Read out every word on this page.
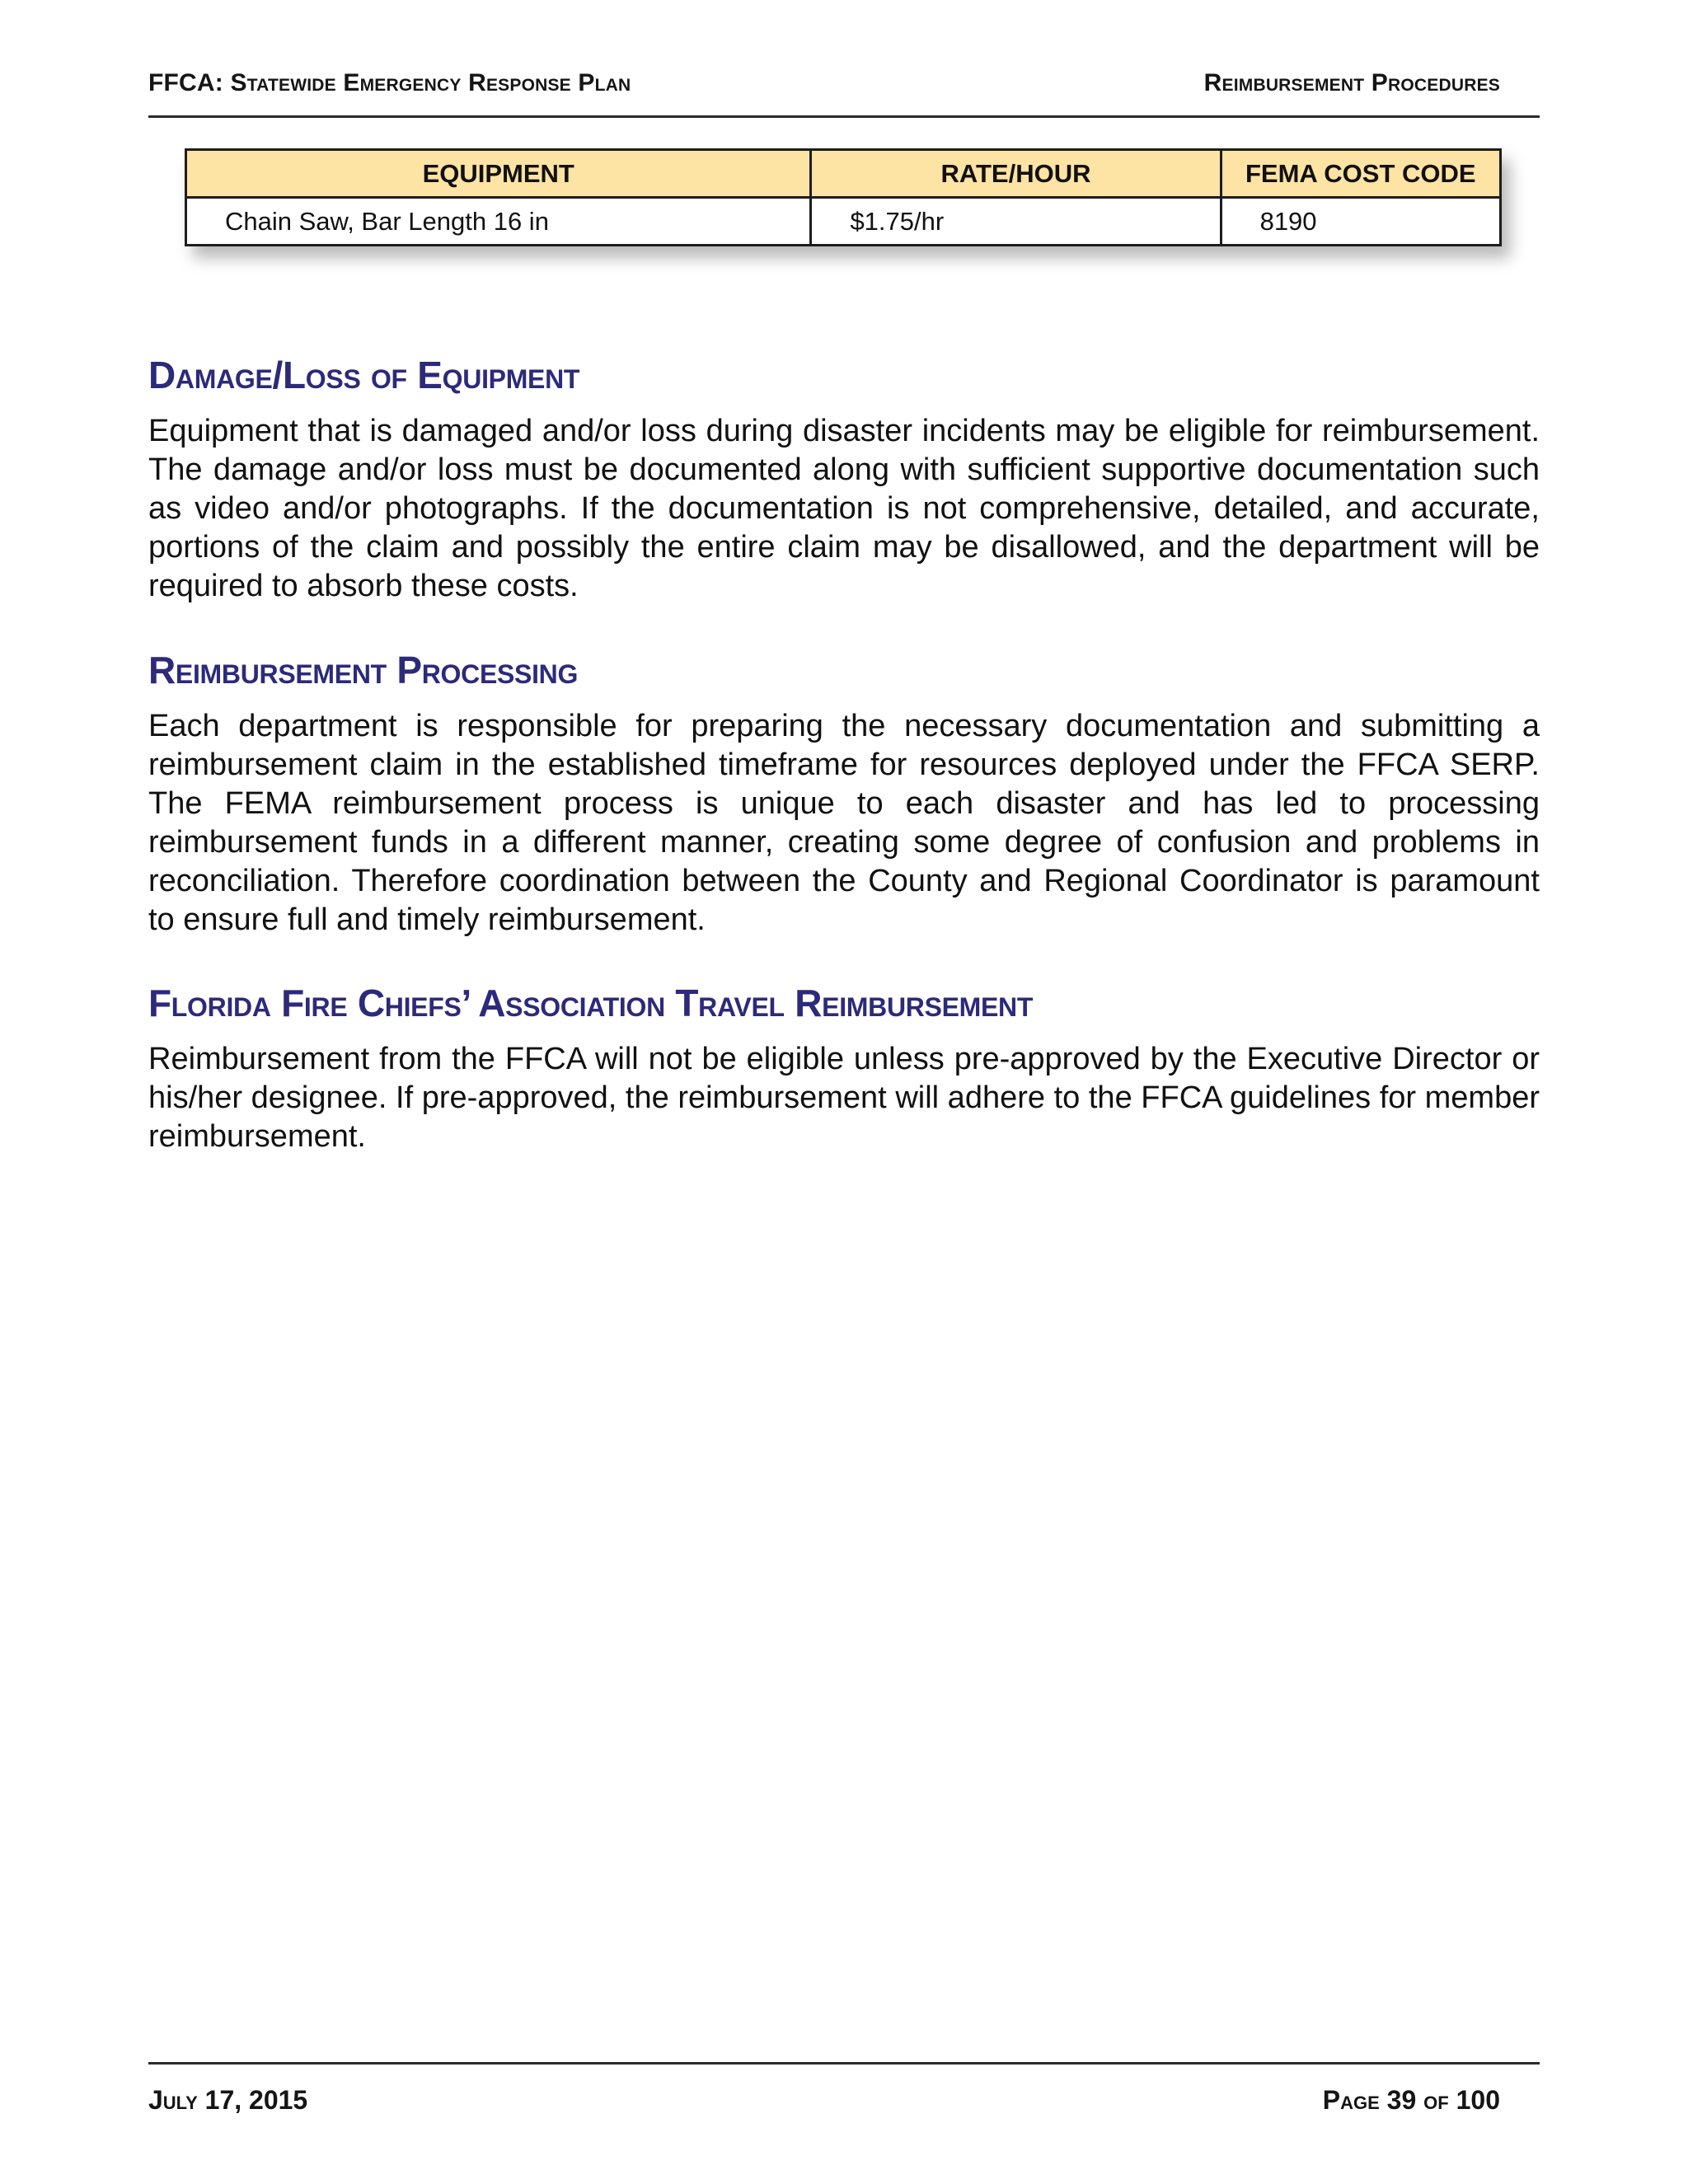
FFCA: Statewide Emergency Response Plan	Reimbursement Procedures
EQUIPMENT	RATE/HOUR	FEMA COST CODE
Chain Saw, Bar Length 16 in	$1.75/hr	8190
Damage/Loss of Equipment

Equipment that is damaged and/or loss during disaster incidents may be eligible for reimbursement. The damage and/or loss must be documented along with sufficient supportive documentation such as video and/or photographs. If the documentation is not comprehensive, detailed, and accurate, portions of the claim and possibly the entire claim may be disallowed, and the department will be required to absorb these costs.

Reimbursement Processing

Each department is responsible for preparing the necessary documentation and submitting a reimbursement claim in the established timeframe for resources deployed under the FFCA SERP. The FEMA reimbursement process is unique to each disaster and has led to processing reimbursement funds in a different manner, creating some degree of confusion and problems in reconciliation. Therefore coordination between the County and Regional Coordinator is paramount to ensure full and timely reimbursement.

Florida Fire Chiefs’ Association Travel Reimbursement

Reimbursement from the FFCA will not be eligible unless pre-approved by the Executive Director or his/her designee. If pre-approved, the reimbursement will adhere to the FFCA guidelines for member reimbursement.

July 17, 2015	Page 39 of 100
